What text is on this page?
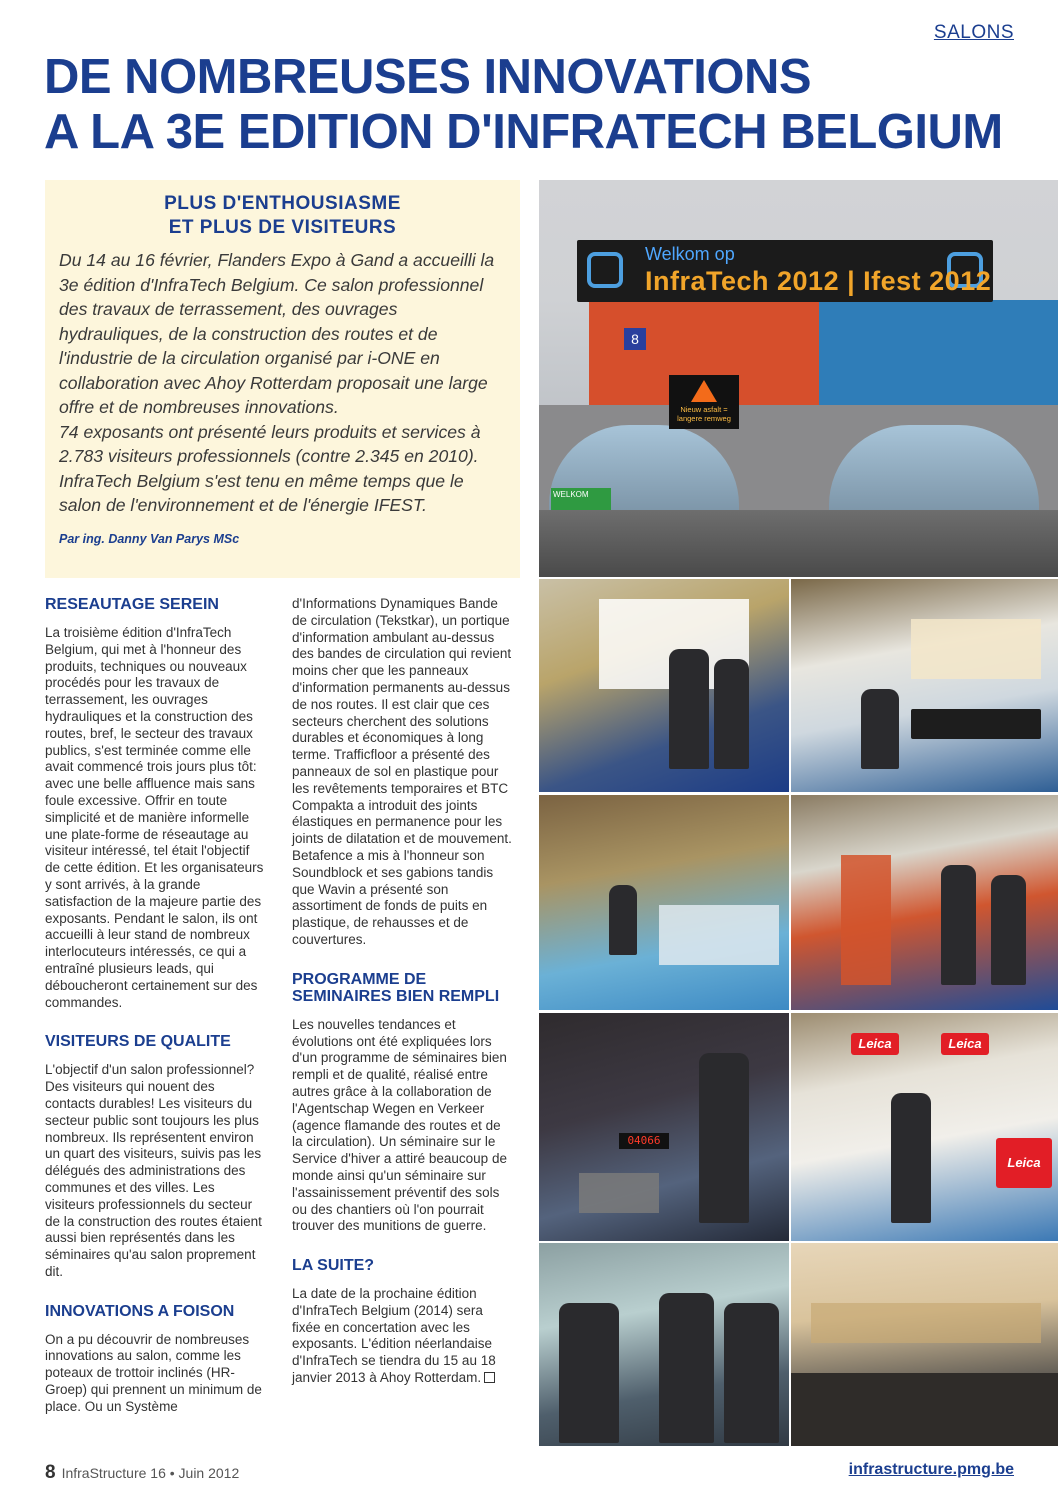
SALONS
DE NOMBREUSES INNOVATIONS
A LA 3E EDITION D'INFRATECH BELGIUM
PLUS D'ENTHOUSIASME
ET PLUS DE VISITEURS

Du 14 au 16 février, Flanders Expo à Gand a accueilli la 3e édition d'InfraTech Belgium. Ce salon professionnel des travaux de terrassement, des ouvrages hydrauliques, de la construction des routes et de l'industrie de la circulation organisé par i-ONE en collaboration avec Ahoy Rotterdam proposait une large offre et de nombreuses innovations.

74 exposants ont présenté leurs produits et services à 2.783 visiteurs professionnels (contre 2.345 en 2010). InfraTech Belgium s'est tenu en même temps que le salon de l'environnement et de l'énergie IFEST.

Par ing. Danny Van Parys MSc
RESEAUTAGE SEREIN

La troisième édition d'InfraTech Belgium, qui met à l'honneur des produits, techniques ou nouveaux procédés pour les travaux de terrassement, les ouvrages hydrauliques et la construction des routes, bref, le secteur des travaux publics, s'est terminée comme elle avait commencé trois jours plus tôt: avec une belle affluence mais sans foule excessive. Offrir en toute simplicité et de manière informelle une plate-forme de réseautage au visiteur intéressé, tel était l'objectif de cette édition. Et les organisateurs y sont arrivés, à la grande satisfaction de la majeure partie des exposants. Pendant le salon, ils ont accueilli à leur stand de nombreux interlocuteurs intéressés, ce qui a entraîné plusieurs leads, qui déboucheront certainement sur des commandes.

VISITEURS DE QUALITE

L'objectif d'un salon professionnel? Des visiteurs qui nouent des contacts durables! Les visiteurs du secteur public sont toujours les plus nombreux. Ils représentent environ un quart des visiteurs, suivis pas les délégués des administrations des communes et des villes. Les visiteurs professionnels du secteur de la construction des routes étaient aussi bien représentés dans les séminaires qu'au salon proprement dit.

INNOVATIONS A FOISON

On a pu découvrir de nombreuses innovations au salon, comme les poteaux de trottoir inclinés (HR-Groep) qui prennent un minimum de place. Ou un Système

d'Informations Dynamiques Bande de circulation (Tekstkar), un portique d'information ambulant au-dessus des bandes de circulation qui revient moins cher que les panneaux d'information permanents au-dessus de nos routes. Il est clair que ces secteurs cherchent des solutions durables et économiques à long terme. Trafficfloor a présenté des panneaux de sol en plastique pour les revêtements temporaires et BTC Compakta a introduit des joints élastiques en permanence pour les joints de dilatation et de mouvement. Betafence a mis à l'honneur son Soundblock et ses gabions tandis que Wavin a présenté son assortiment de fonds de puits en plastique, de rehausses et de couvertures.

PROGRAMME DE SEMINAIRES BIEN REMPLI

Les nouvelles tendances et évolutions ont été expliquées lors d'un programme de séminaires bien rempli et de qualité, réalisé entre autres grâce à la collaboration de l'Agentschap Wegen en Verkeer (agence flamande des routes et de la circulation). Un séminaire sur le Service d'hiver a attiré beaucoup de monde ainsi qu'un séminaire sur l'assainissement préventif des sols ou des chantiers où l'on pourrait trouver des munitions de guerre.

LA SUITE?

La date de la prochaine édition d'InfraTech Belgium (2014) sera fixée en concertation avec les exposants. L'édition néerlandaise d'InfraTech se tiendra du 15 au 18 janvier 2013 à Ahoy Rotterdam.

Welkom op
InfraTech 2012 | Ifest 2012
8
Nieuw asfalt = langere remweg
WELKOM
04066
Leica	Leica
Leica
8 InfraStructure 16 • Juin 2012	infrastructure.pmg.be
